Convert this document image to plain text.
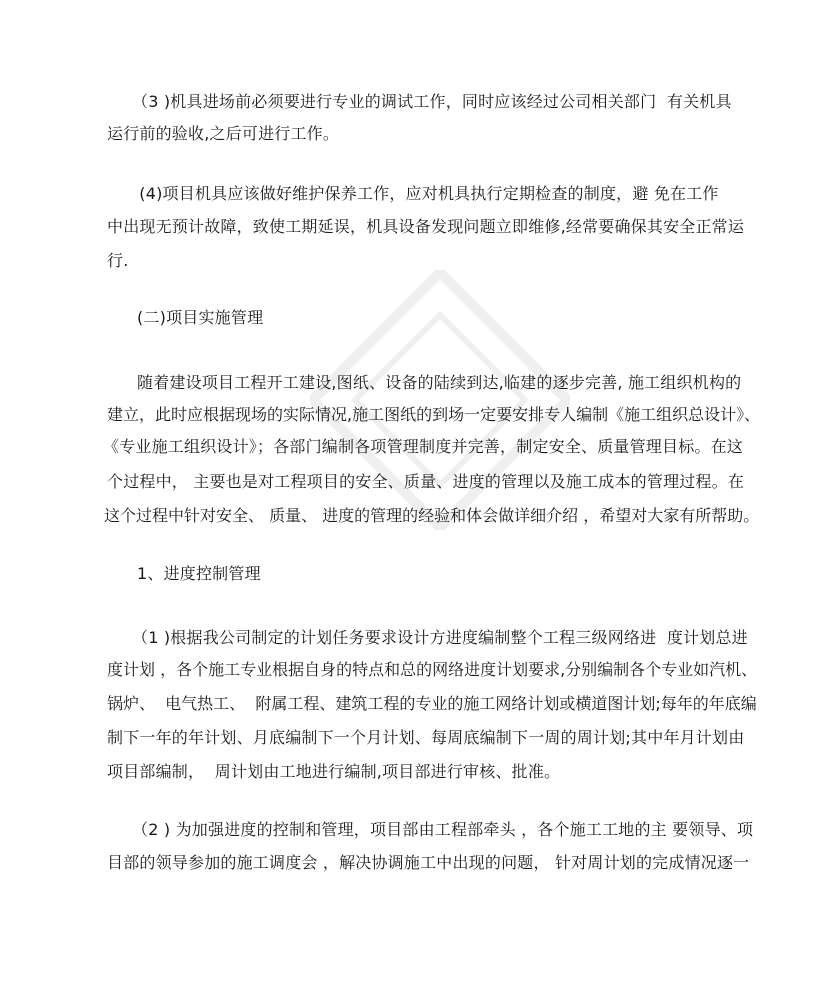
（3 )机具进场前必须要进行专业的调试工作，同时应该经过公司相关部门  有关机具
运行前的验收,之后可进行工作。
(4)项目机具应该做好维护保养工作，应对机具执行定期检查的制度，避 免在工作
中出现无预计故障，致使工期延误，机具设备发现问题立即维修,经常要确保其安全正常运
行.
(二)项目实施管理
随着建设项目工程开工建设,图纸、设备的陆续到达,临建的逐步完善, 施工组织机构的
建立，此时应根据现场的实际情况,施工图纸的到场一定要安排专人编制《施工组织总设计》、
《专业施工组织设计》；各部门编制各项管理制度并完善，制定安全、质量管理目标。在这
个过程中， 主要也是对工程项目的安全、质量、进度的管理以及施工成本的管理过程。在
这个过程中针对安全、 质量、 进度的管理的经验和体会做详细介绍 ，希望对大家有所帮助。
1、进度控制管理
（1 )根据我公司制定的计划任务要求设计方进度编制整个工程三级网络进  度计划总进
度计划 ，各个施工专业根据自身的特点和总的网络进度计划要求,分别编制各个专业如汽机、
锅炉、  电气热工、  附属工程、建筑工程的专业的施工网络计划或横道图计划;每年的年底编
制下一年的年计划、月底编制下一个月计划、每周底编制下一周的周计划;其中年月计划由
项目部编制，  周计划由工地进行编制,项目部进行审核、批准。
（2 ) 为加强进度的控制和管理，项目部由工程部牵头 ，各个施工工地的主 要领导、项
目部的领导参加的施工调度会 ，解决协调施工中出现的问题， 针对周计划的完成情况逐一
